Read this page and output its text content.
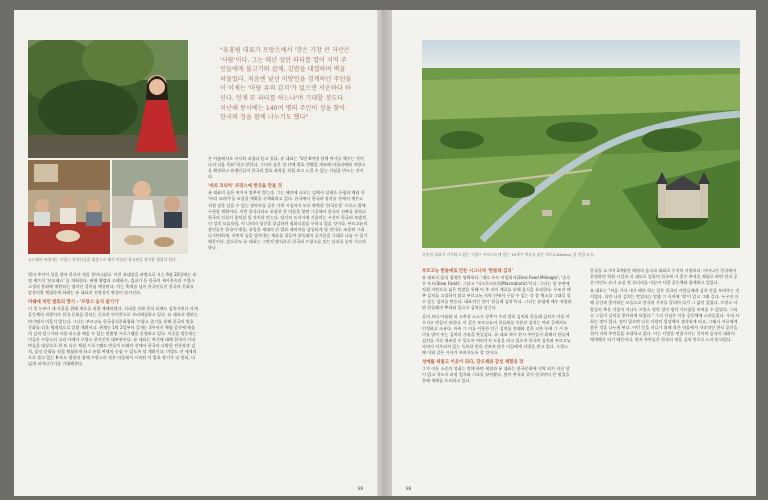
오드레이 씨에게는 프랑스 현지인들을 대상으로 해서 만들던 한국판을 함사용 열었다 앞다.
"유홍림 대표가 프랑스에서 '망은 가장 큰 자산은 '사람'이다. 그는 매년 성탄 파티를 열어 지역 주민들에게 불고기와 잡채, 김밥을 대접하며 벽을 허물었다. 처음엔 낯선 이방인을 경계하던 주민들이 이제는 '마담 유의 김치'가 없으면 서운하다 하신다. 언제 또 파티를 하느냐'며 기대할 정도다. 지난해 봉사에는 140여 명의 주민이 성을 찾아 한국의 정을 함께 나누기도 했다"

별의 주인이 성을 찾아 한국의 정을 찾아나섰다. 이런 유대감을 바탕으로 오는 6월 22일에는 유명 셰프의 '단오페스' 를 개최한다. 판매 행렬과 고레하기, 셀피기 등 한국의 세시풍속과 프랑스 고성의 풍취에 재현되는 엄마인 할머님 예상된다. 이는 축제를 넘어 한국인들이 한국의 문화를 말살이랑 체험하게 하려는 유 대표의 진정성이 완성이 당겨진다.

미쉐에 처민 발효의 향기 - '프랑스 음식 즐기기'

이 성 농부가 새 자물을 위해 재요를 직접 재배하겠다. 지피할 진화 한식 브랜드 김치사된다 자게 공동체의 자랑이자 한국 문화를 알리는 중요한 아이콘으로 자리매김하고 있다. 유 대표의 행보는 여기에서 머물지 않는다. 그녀는 부르고뉴 한국음식문화협회 '프랑스 즐기를 통해 한국의 발효 문화를 더욱 체계적으로 알릴 계획이다. 현재는 1박 2일부터 길게는 3주까지 체험 공간에 매를 의 김치 담그기와 사용 리스용 배움 수 있는 맞춤형 프로그램을 운영하고 있다. 이곳을 방문하는 이들은 프랑스의 고리 사에서 프랑스 한지인이 대부분이다. 유 대표는 여기에 대해 한국의 시내야들을 대상으로 한 또 다른 체험 프로그램도 만들어 드레이 선에서 한국의 다양한 전통장과 김치, 음식 문화를 직접 체험하게 하고 유럽 여행의 중심 수 있도록 할 계획이다. 미발도 전 세계적으로 불고 있는 K-푸드 열풍과 함께 프랑스의 작은 마을에서 시작된 이 발효 향기가 더 멀리, 더 넓게 퍼져나가기를 기대해본다.

은 아름에서도 서서히 퍼졌다 듣고 있다. 유 대표는 "1만 6여명 업체 여가를 채우는 것이 나의 다음 목표"라고 말한다. 그녀의 꿈은 성 안에 발효 견했을 개조해 아틀리에와 지방고를 확장하고 유령인들이 한국의 발효 과학을 직접 보고 느낄 수 있는 거점을 만드는 것이다.

'바리 코리아' 프랑스에 한국을 만들 것

유 대표의 꿈은 여기서 멈추지 않는다. 그는 해안에 나오는 김에서 실제로 수평과 매리 자 '바리 코리아'를 조성할 계획을 구체화하고 있다. 한국에서 한국과 정자를 등에서 세우고 직접 장을 담을 수 있는 장아카를 같은 가치 시설까지 모든 완벽한 '한국문물' 프로스 발에 구현할 계획이다. 이런 한식나라도 포함한 한 마음을 열면 그곳에서 한국의 진짜를 통하고 한국의 진실이 꽃처럼 될 것이라 믿는다. 당신의 도자기에 기울이는 시선이 한국의 모범적인 성의 모습처럼, 이 나라의 정신을 공감하며 평화로움을 구하고 있을 것이다. 부르고뉴의 장인들은 한국이 배울, 유일한 세대의 간 발효 제작자를 감상하게 될 것이다. 조용히 그러나 단단하게, 자연의 숨을 담아내는 재료를 곁들여 장독대의 즐거움을 그대로 나눌 수 있기 때문이다. 앞으로도 유 대표는 그만의 방식으로 한국과 프랑스를 잇는 다리를 놓아 가고자 한다.

89
유홍림 대표가 거주하고 있는 프랑스 부르고뉴에 있는 16세기 역사를 품은 샤토(Château) 성 전경 모습.
부르고뉴 한들에로 만든 시그니처 '한들레 김치'

유 대표의 음식 철학은 명확하다. '제로 푸드 마일리지(Zero Food Mileage)', '슬로우 푸드(Slow Food)', 그리고 '미크로비오틱(Macrobiotic)'이다. 그녀는 성 주변에 직접 자란으로 넓은 텃밭을 통해 이 주 지의 재료를 통해 음식을 요리한다. 무조건 배추 김치를 고집하지 않고 부르고뉴 지역 인에서 구할 수 있는 각 종 채소를 그대로 할 수 있는 김치를 만든다. 대표적인 것이 '한들레 김치'이다. 그녀는 유럽에 매우 적합하면 한들레의 뿌리와 잎으로 김치를 담근다.

공의 보다 아름답 더 고추장 소스가 상추가 우리 발효 김치와 한들레 김치가 이를 어우지고 만들어 보았다. 이 같은 부르고뉴의 한들레를 이용한 김치는 여러 곳에서도 인정하고 소유다. 아주 그 이를 이용한 인근 김치를 전래와 같은 고풍 등에 그 시 풍미를 많이 주는 김치라 기술을 만들었다. 유 대표 역시 현지 주민들이 위해서 한들에 김치를 지속 제조할 수 있도록 여러가지 도움을 하고 있으며 한국의 김치와 부르고뉴 자연이 어우러져 있는 독특한 맛을 선보여 많은 이들에게 사랑을 받고 있다. 프랑스에 이와 같은 시사가 보여지도록 할 것이다.

성에를 허물고 이웃이 되다, 단오제와 감성 체험의 장

그가 이룬 소중의 성취는 열매 하면 세월과 유 대표는 한국문화에 지역 외가 자선 당시 밝고 지도자 과정 일자와 기초를 닦아왔다. 봄이 추석과 같이 한국만의 큰 명절을 통해 제례를 도모하고 있다.

한국을 모기며 3개월간 매월의 음식과 대화로 무지의 사랑하다. 어머니가 한국에서 운영하던 학원 시절의 식 대모로 일하며 한국에 가 좋은 추석을 체험로 하면 한지 공간 마인드 요가 교실 및 로터리를 이끌어 사랑 공동체와 함께하고 있었다.

유 대표는 "처음 가서 내가 해야 하는 일은 한국인 사람들에게 김치 맛을 보여주는 것이었다. 다만 나의 김치는 맛있다는 말씀 그 사이에 '정'이 있고 그래 길다. 누구의 이해 공간과 좋아하는 모습으로 한국의 가치를 알리며 다가 그 삶이 있었다. 프랑스 사람들이 추운 겨울이 지나도 프랑스 정원 성의 생각 가르침을 보여줄 수 있었다. 그리고 그들이 김치를 좋아하게 되었다." 그의 진심은 이웃 공동체에 스며들었다. 우리 사회는 정이 있다. 정이 있으면 다른 사람의 입장에서 생각하게 되고, 그래서 서로에게 좋은 것을 나누게 된다. 이런 뜻을 지니기 위해 작은 마을에서 지속적인 한식 공간을 열어 지역 주민들을 초대하고 있다. 이는 사람을 연결시키는 것이며 음식이 대화의 매개체가 되기 때문이다. 현지 주민들은 한국의 정을 김치 맛으로 느끼게 되었다.

88
